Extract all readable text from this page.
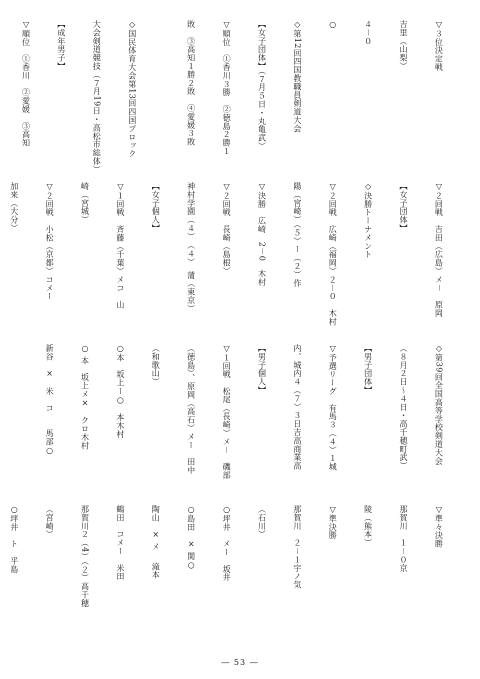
▽３位決定戦

吉里（山梨）

４－０

○

◇第12回四国教職員剣道大会

【女子団体】（７月５日・丸亀武）

▽順位　①香川３勝　②徳島２勝１

敗　③高知１勝２敗　④愛媛３敗

◇国民体育大会第13回四国ブロック

大会剣道競技（７月19日・高松市総体）

【成年男子】

▽順位　①香川　②愛媛　③高知

▽２回戦　吉田（広島）メ－　原岡

【女子団体】

◇決勝トーナメント

▽２回戦　広崎（福岡）２－０　木村

陽（宮崎）（５）ー（２）作

▽決勝　広崎　2－0　木村

▽２回戦　長崎（島根）

神村学園（４）　（４）　蒲（東京）

【女子個人】

▽１回戦　斉藤（千葉）メコ　山

崎（宮城）

▽２回戦　小松（京都）コメー

加来（大分）

◇第39回全国高等学校剣道大会

（８月２日～４日・高千穂町武）

【男子団体】

▽予選リーグ　有馬３（４）１城

内、城内４（７）３日吉高商業高

【男子個人】

▽１回戦　松尾（長崎）メ－　磯部

（徳島）、原岡（高石）メー　田中

（和歌山）

○本　坂上ー○　本木村

○ 本　坂上メ×　クロ木村

新谷　×　米　コ　　馬部○

▽準々決勝

那賀川　１－０京

陵（熊本）

▽準決勝

那賀川　２－１宇ノ気

（石川）

○坪井　メー　坂井

○島田　× 関○

陶山　× メ　 滝本

鶴田　コメー　米田

那賀川２（4）（２）高千穂

（宮崎）

○坪井　ト　平島

― 53 ―
